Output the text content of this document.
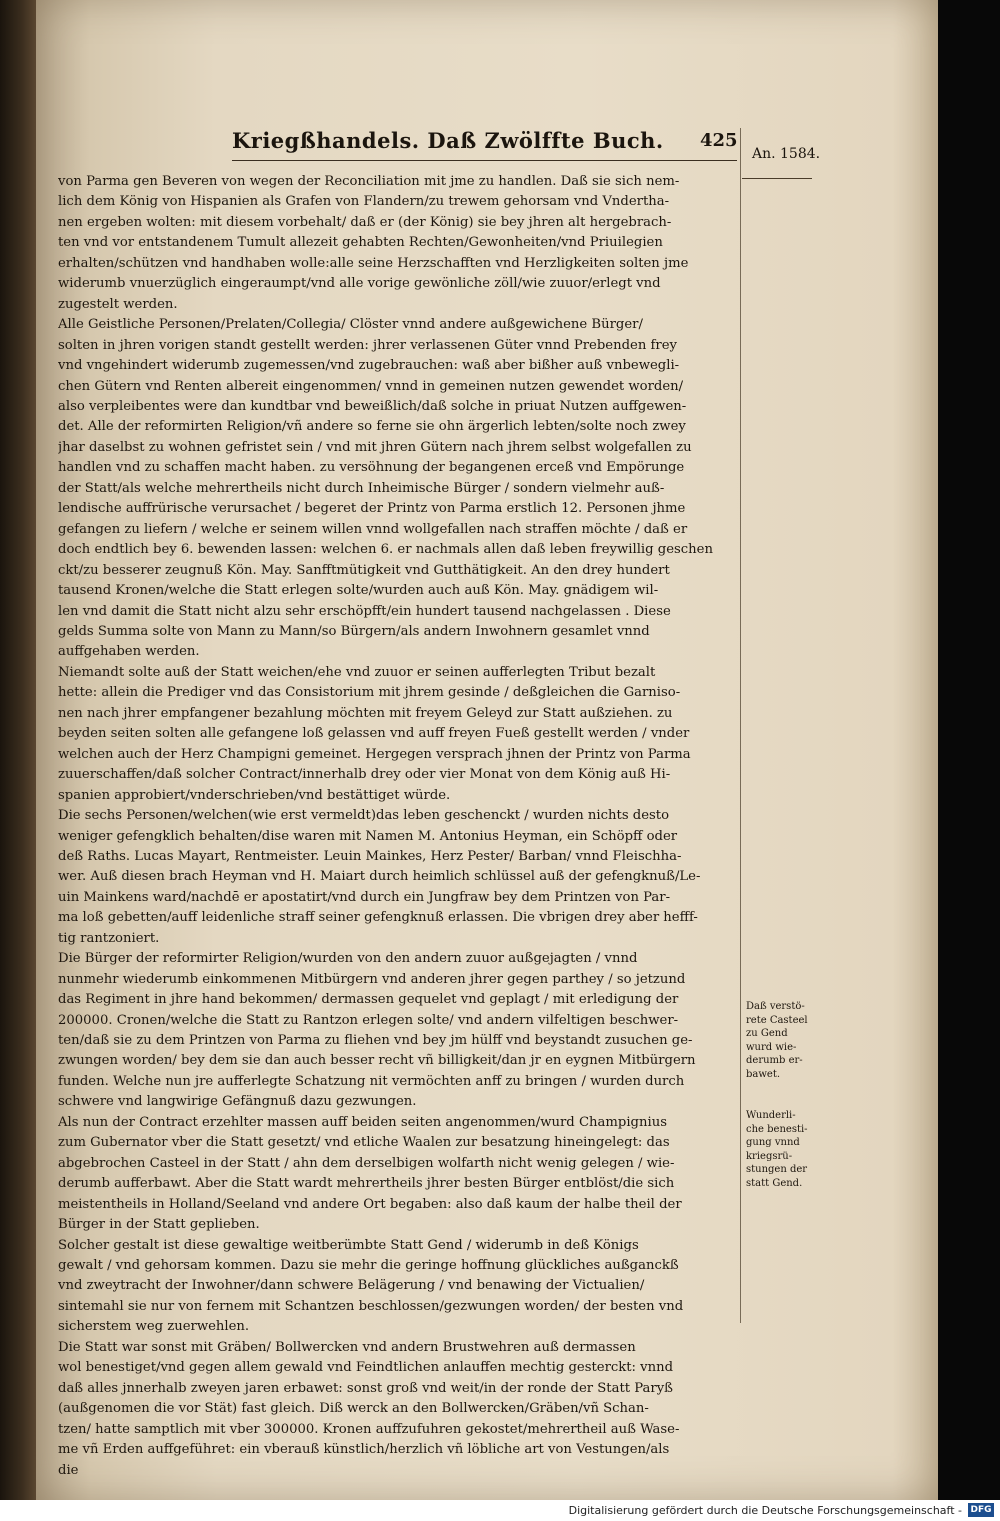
Kriegßhandels. Daß Zwölffte Buch. 425
An. 1584.
von Parma gen Beveren von wegen der Reconciliation mit jme zu handlen. Daß sie sich nem-
lich dem König von Hispanien als Grafen von Flandern/zu trewem gehorsam vnd Vndertha-
nen ergeben wolten: mit diesem vorbehalt/ daß er (der König) sie bey jhren alt hergebrach-
ten vnd vor entstandenem Tumult allezeit gehabten Rechten/Gewonheiten/vnd Priuilegien
erhalten/schützen vnd handhaben wolle:alle seine Herzschafften vnd Herzligkeiten solten jme
widerumb vnuerzüglich eingeraumpt/vnd alle vorige gewönliche zöll/wie zuuor/erlegt vnd
zugestelt werden.
Alle Geistliche Personen/Prelaten/Collegia/ Clöster vnnd andere außgewichene Bürger/
solten in jhren vorigen standt gestellt werden: jhrer verlassenen Güter vnnd Prebenden frey
vnd vngehindert widerumb zugemessen/vnd zugebrauchen: waß aber bißher auß vnbewegli-
chen Gütern vnd Renten albereit eingenommen/ vnnd in gemeinen nutzen gewendet worden/
also verpleibentes were dan kundtbar vnd beweißlich/daß solche in priuat Nutzen auffgewen-
det. Alle der reformirten Religion/vñ andere so ferne sie ohn ärgerlich lebten/solte noch zwey
jhar daselbst zu wohnen gefristet sein / vnd mit jhren Gütern nach jhrem selbst wolgefallen zu
handlen vnd zu schaffen macht haben. zu versöhnung der begangenen erceß vnd Empörunge
der Statt/als welche mehrertheils nicht durch Inheimische Bürger / sondern vielmehr auß-
lendische auffrürische verursachet / begeret der Printz von Parma erstlich 12. Personen jhme
gefangen zu liefern / welche er seinem willen vnnd wollgefallen nach straffen möchte / daß er
doch endtlich bey 6. bewenden lassen: welchen 6. er nachmals allen daß leben freywillig geschen
ckt/zu besserer zeugnuß Kön. May. Sanfftmütigkeit vnd Gutthätigkeit. An den drey hundert
tausend Kronen/welche die Statt erlegen solte/wurden auch auß Kön. May. gnädigem wil-
len vnd damit die Statt nicht alzu sehr erschöpfft/ein hundert tausend nachgelassen . Diese
gelds Summa solte von Mann zu Mann/so Bürgern/als andern Inwohnern gesamlet vnnd
auffgehaben werden.
Niemandt solte auß der Statt weichen/ehe vnd zuuor er seinen aufferlegten Tribut bezalt
hette: allein die Prediger vnd das Consistorium mit jhrem gesinde / deßgleichen die Garniso-
nen nach jhrer empfangener bezahlung möchten mit freyem Geleyd zur Statt außziehen. zu
beyden seiten solten alle gefangene loß gelassen vnd auff freyen Fueß gestellt werden / vnder
welchen auch der Herz Champigni gemeinet. Hergegen versprach jhnen der Printz von Parma
zuuerschaffen/daß solcher Contract/innerhalb drey oder vier Monat von dem König auß Hi-
spanien approbiert/vnderschrieben/vnd bestättiget würde.
Die sechs Personen/welchen(wie erst vermeldt)das leben geschenckt / wurden nichts desto
weniger gefengklich behalten/dise waren mit Namen M. Antonius Heyman, ein Schöpff oder
deß Raths. Lucas Mayart, Rentmeister. Leuin Mainkes, Herz Pester/ Barban/ vnnd Fleischha-
wer. Auß diesen brach Heyman vnd H. Maiart durch heimlich schlüssel auß der gefengknuß/Le-
uin Mainkens ward/nachdē er apostatirt/vnd durch ein Jungfraw bey dem Printzen von Par-
ma loß gebetten/auff leidenliche straff seiner gefengknuß erlassen. Die vbrigen drey aber hefff-
tig rantzoniert.
Die Bürger der reformirter Religion/wurden von den andern zuuor außgejagten / vnnd
nunmehr wiederumb einkommenen Mitbürgern vnd anderen jhrer gegen parthey / so jetzund
das Regiment in jhre hand bekommen/ dermassen gequelet vnd geplagt / mit erledigung der
200000. Cronen/welche die Statt zu Rantzon erlegen solte/ vnd andern vilfeltigen beschwer-
ten/daß sie zu dem Printzen von Parma zu fliehen vnd bey jm hülff vnd beystandt zusuchen ge-
zwungen worden/ bey dem sie dan auch besser recht vñ billigkeit/dan jr en eygnen Mitbürgern
funden. Welche nun jre aufferlegte Schatzung nit vermöchten anff zu bringen / wurden durch
schwere vnd langwirige Gefängnuß dazu gezwungen.
Als nun der Contract erzehlter massen auff beiden seiten angenommen/wurd Champignius
zum Gubernator vber die Statt gesetzt/ vnd etliche Waalen zur besatzung hineingelegt: das
abgebrochen Casteel in der Statt / ahn dem derselbigen wolfarth nicht wenig gelegen / wie-
derumb aufferbawt. Aber die Statt wardt mehrertheils jhrer besten Bürger entblöst/die sich
meistentheils in Holland/Seeland vnd andere Ort begaben: also daß kaum der halbe theil der
Bürger in der Statt geplieben.
Solcher gestalt ist diese gewaltige weitberümbte Statt Gend / widerumb in deß Königs
gewalt / vnd gehorsam kommen. Dazu sie mehr die geringe hoffnung glückliches außganckß
vnd zweytracht der Inwohner/dann schwere Belägerung / vnd benawing der Victualien/
sintemahl sie nur von fernem mit Schantzen beschlossen/gezwungen worden/ der besten vnd
sicherstem weg zuerwehlen.
Die Statt war sonst mit Gräben/ Bollwercken vnd andern Brustwehren auß dermassen
wol benestiget/vnd gegen allem gewald vnd Feindtlichen anlauffen mechtig gesterckt: vnnd
daß alles jnnerhalb zweyen jaren erbawet: sonst groß vnd weit/in der ronde der Statt Paryß
(außgenomen die vor Stät) fast gleich. Diß werck an den Bollwercken/Gräben/vñ Schan-
tzen/ hatte samptlich mit vber 300000. Kronen auffzufuhren gekostet/mehrertheil auß Wase-
me vñ Erden auffgeführet: ein vberauß künstlich/herzlich vñ löbliche art von Vestungen/als
die
Daß verstö-
rete Casteel
zu Gend
wurd wie-
derumb er-
bawet.
Wunderli-
che benesti-
gung vnnd
kriegsrü-
stungen der
statt Gend.
Digitalisierung gefördert durch die Deutsche Forschungsgemeinschaft - DFG
